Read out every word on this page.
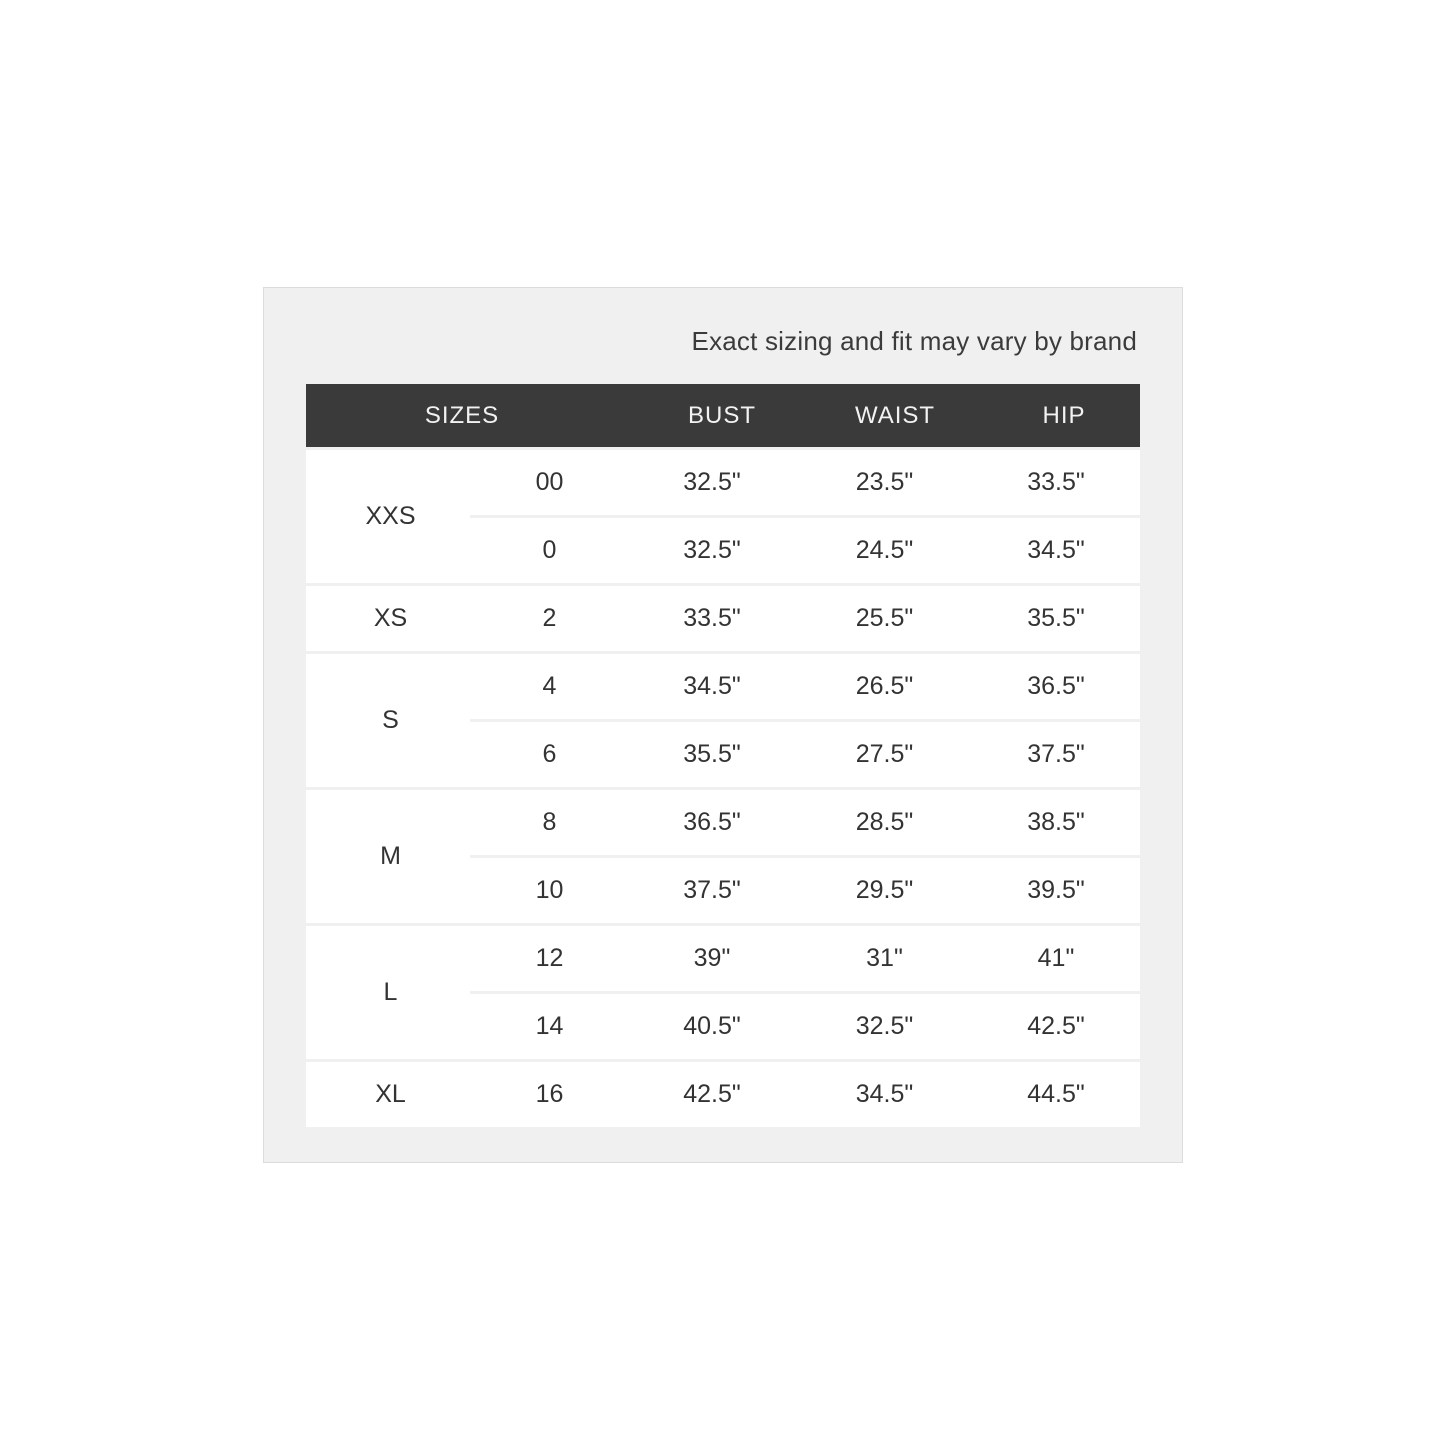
Exact sizing and fit may vary by brand
SIZES	BUST	WAIST	HIP
XXS
00	32.5"	23.5"	33.5"
0	32.5"	24.5"	34.5"
XS	2	33.5"	25.5"	35.5"
S
4	34.5"	26.5"	36.5"
6	35.5"	27.5"	37.5"
M
8	36.5"	28.5"	38.5"
10	37.5"	29.5"	39.5"
L
12	39"	31"	41"
14	40.5"	32.5"	42.5"
XL	16	42.5"	34.5"	44.5"
